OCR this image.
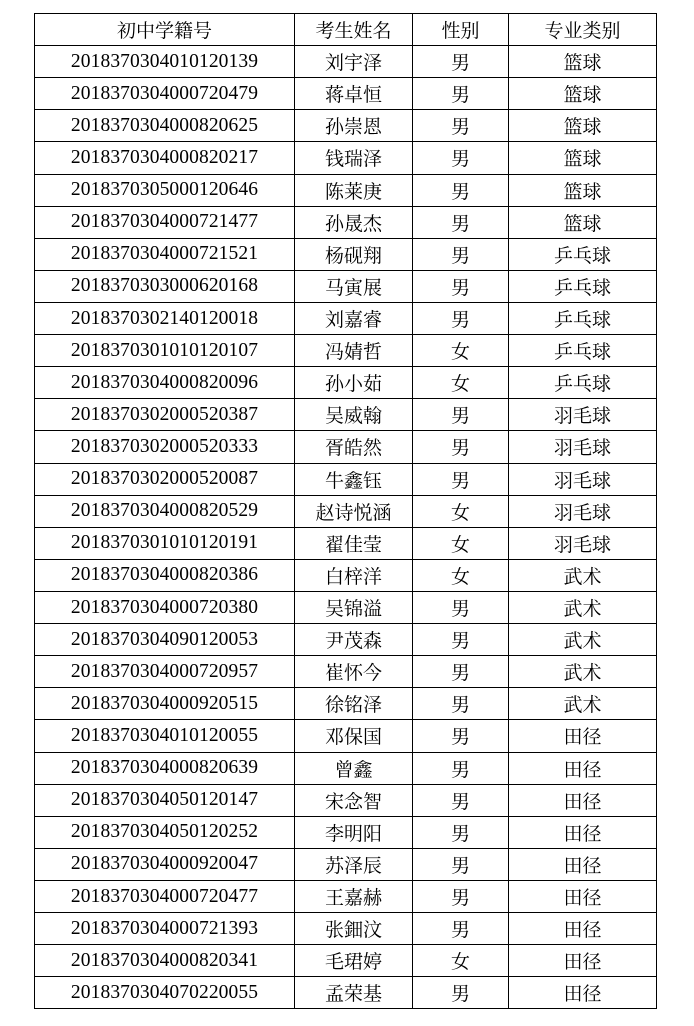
初中学籍号	考生姓名	性别	专业类别
2018370304010120139	刘宇泽	男	篮球
2018370304000720479	蒋卓恒	男	篮球
2018370304000820625	孙崇恩	男	篮球
2018370304000820217	钱瑞泽	男	篮球
2018370305000120646	陈莱庚	男	篮球
2018370304000721477	孙晟杰	男	篮球
2018370304000721521	杨砚翔	男	乒乓球
2018370303000620168	马寅展	男	乒乓球
2018370302140120018	刘嘉睿	男	乒乓球
2018370301010120107	冯婧哲	女	乒乓球
2018370304000820096	孙小茹	女	乒乓球
2018370302000520387	吴威翰	男	羽毛球
2018370302000520333	胥皓然	男	羽毛球
2018370302000520087	牛鑫钰	男	羽毛球
2018370304000820529	赵诗悦涵	女	羽毛球
2018370301010120191	翟佳莹	女	羽毛球
2018370304000820386	白梓洋	女	武术
2018370304000720380	吴锦溢	男	武术
2018370304090120053	尹茂森	男	武术
2018370304000720957	崔怀今	男	武术
2018370304000920515	徐铭泽	男	武术
2018370304010120055	邓保国	男	田径
2018370304000820639	曾鑫	男	田径
2018370304050120147	宋念智	男	田径
2018370304050120252	李明阳	男	田径
2018370304000920047	苏泽辰	男	田径
2018370304000720477	王嘉赫	男	田径
2018370304000721393	张鈿汶	男	田径
2018370304000820341	毛珺婷	女	田径
2018370304070220055	孟荣基	男	田径
